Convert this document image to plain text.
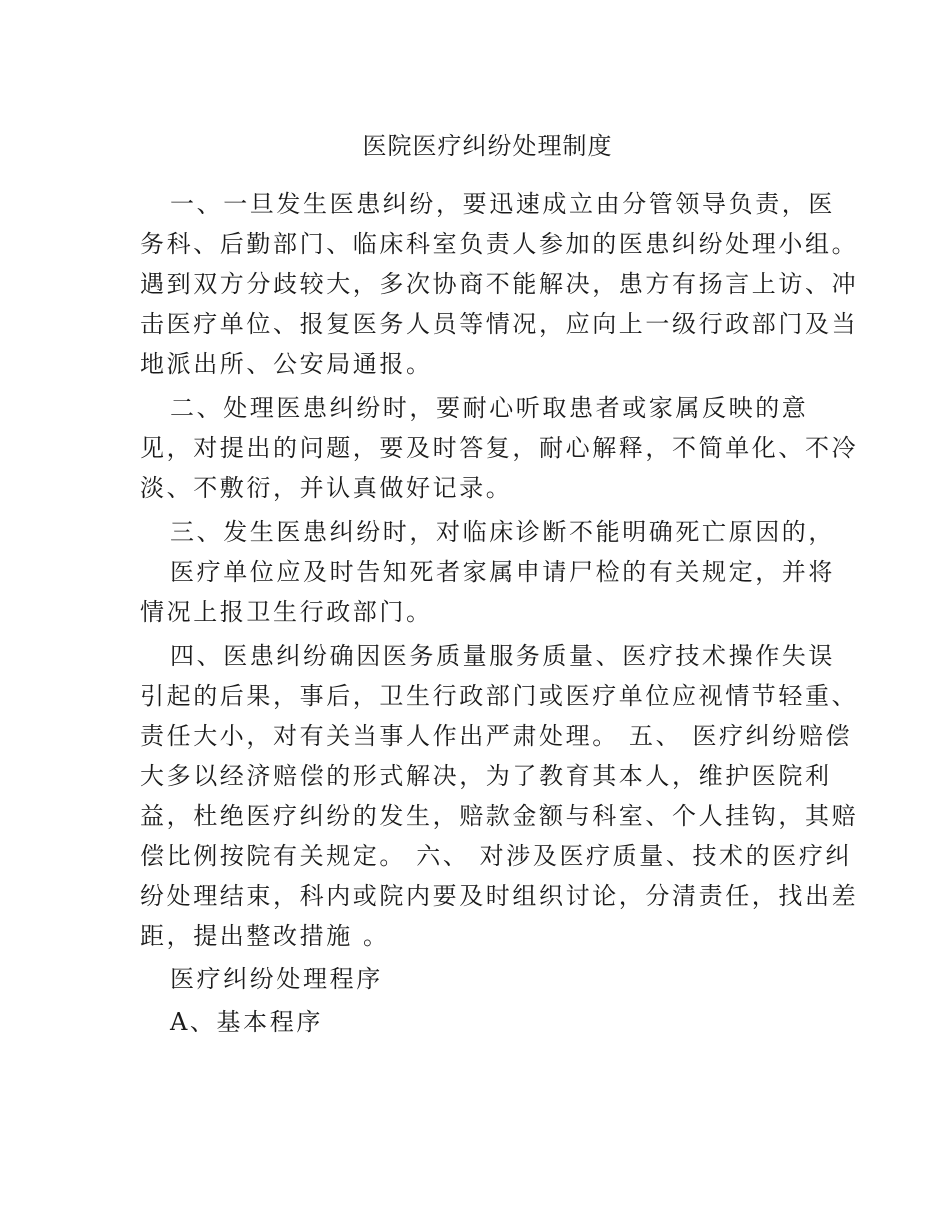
医院医疗纠纷处理制度
一、一旦发生医患纠纷，要迅速成立由分管领导负责，医
务科、后勤部门、临床科室负责人参加的医患纠纷处理小组。
遇到双方分歧较大，多次协商不能解决，患方有扬言上访、冲
击医疗单位、报复医务人员等情况，应向上一级行政部门及当
地派出所、公安局通报。
二、处理医患纠纷时，要耐心听取患者或家属反映的意
见，对提出的问题，要及时答复，耐心解释，不简单化、不冷
淡、不敷衍，并认真做好记录。
三、发生医患纠纷时，对临床诊断不能明确死亡原因的，
医疗单位应及时告知死者家属申请尸检的有关规定，并将
情况上报卫生行政部门。
四、医患纠纷确因医务质量服务质量、医疗技术操作失误
引起的后果，事后，卫生行政部门或医疗单位应视情节轻重、
责任大小，对有关当事人作出严肃处理。 五、 医疗纠纷赔偿
大多以经济赔偿的形式解决，为了教育其本人，维护医院利
益，杜绝医疗纠纷的发生，赔款金额与科室、个人挂钩，其赔
偿比例按院有关规定。 六、 对涉及医疗质量、技术的医疗纠
纷处理结束，科内或院内要及时组织讨论，分清责任，找出差
距，提出整改措施 。
医疗纠纷处理程序
A、基本程序
